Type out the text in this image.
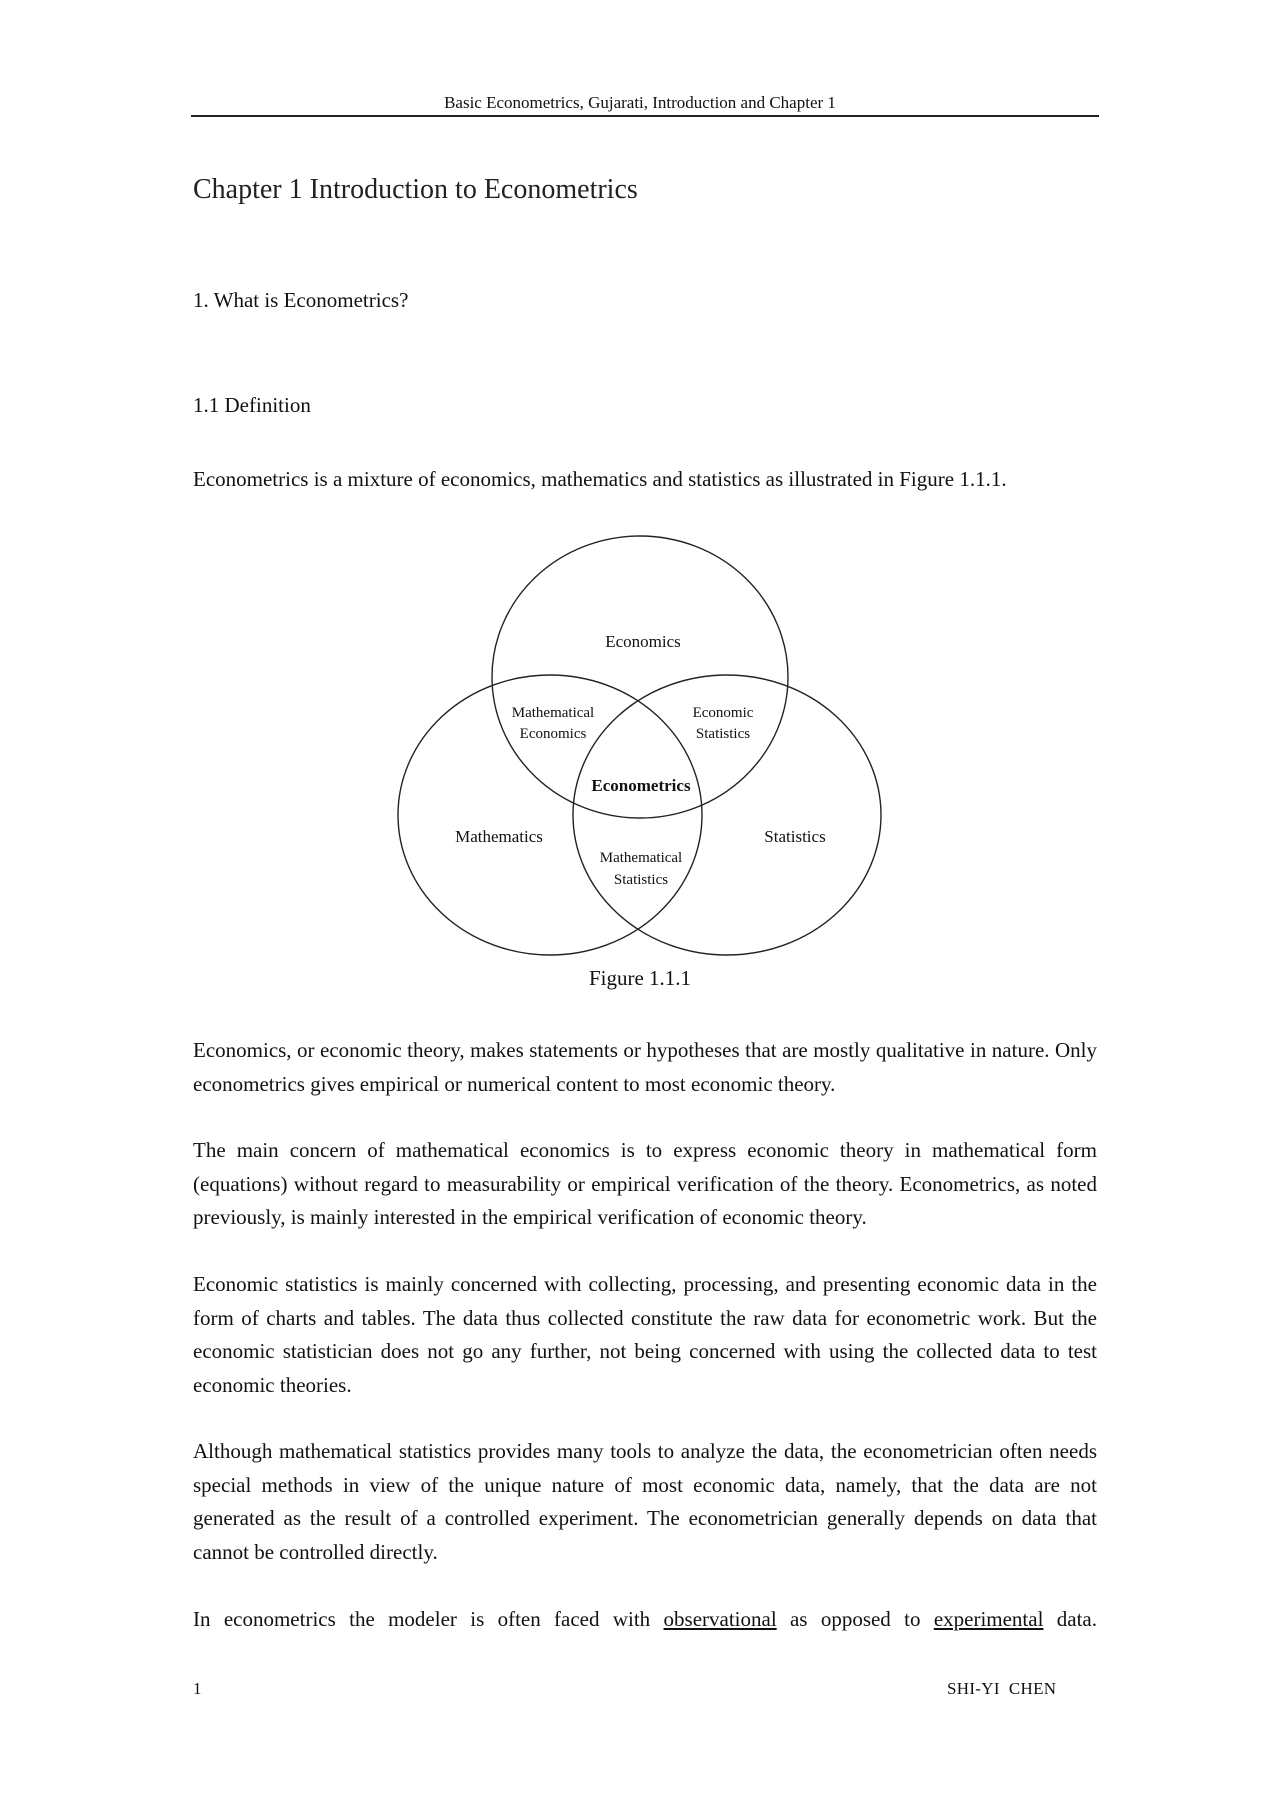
Basic Econometrics, Gujarati, Introduction and Chapter 1
Chapter 1 Introduction to Econometrics
1. What is Econometrics?
1.1 Definition

Econometrics is a mixture of economics, mathematics and statistics as illustrated in Figure 1.1.1.

Economics
Mathematical
Economics
Economic
Statistics
Econometrics
Mathematics	Statistics
Mathematical
Statistics
Figure 1.1.1

Economics, or economic theory, makes statements or hypotheses that are mostly qualitative in nature. Only econometrics gives empirical or numerical content to most economic theory.

The main concern of mathematical economics is to express economic theory in mathematical form (equations) without regard to measurability or empirical verification of the theory. Econometrics, as noted previously, is mainly interested in the empirical verification of economic theory.

Economic statistics is mainly concerned with collecting, processing, and presenting economic data in the form of charts and tables. The data thus collected constitute the raw data for econometric work. But the economic statistician does not go any further, not being concerned with using the collected data to test economic theories.

Although mathematical statistics provides many tools to analyze the data, the econometrician often needs special methods in view of the unique nature of most economic data, namely, that the data are not generated as the result of a controlled experiment. The econometrician generally depends on data that cannot be controlled directly.

In econometrics the modeler is often faced with observational as opposed to experimental data.

1	SHI-YI  CHEN
